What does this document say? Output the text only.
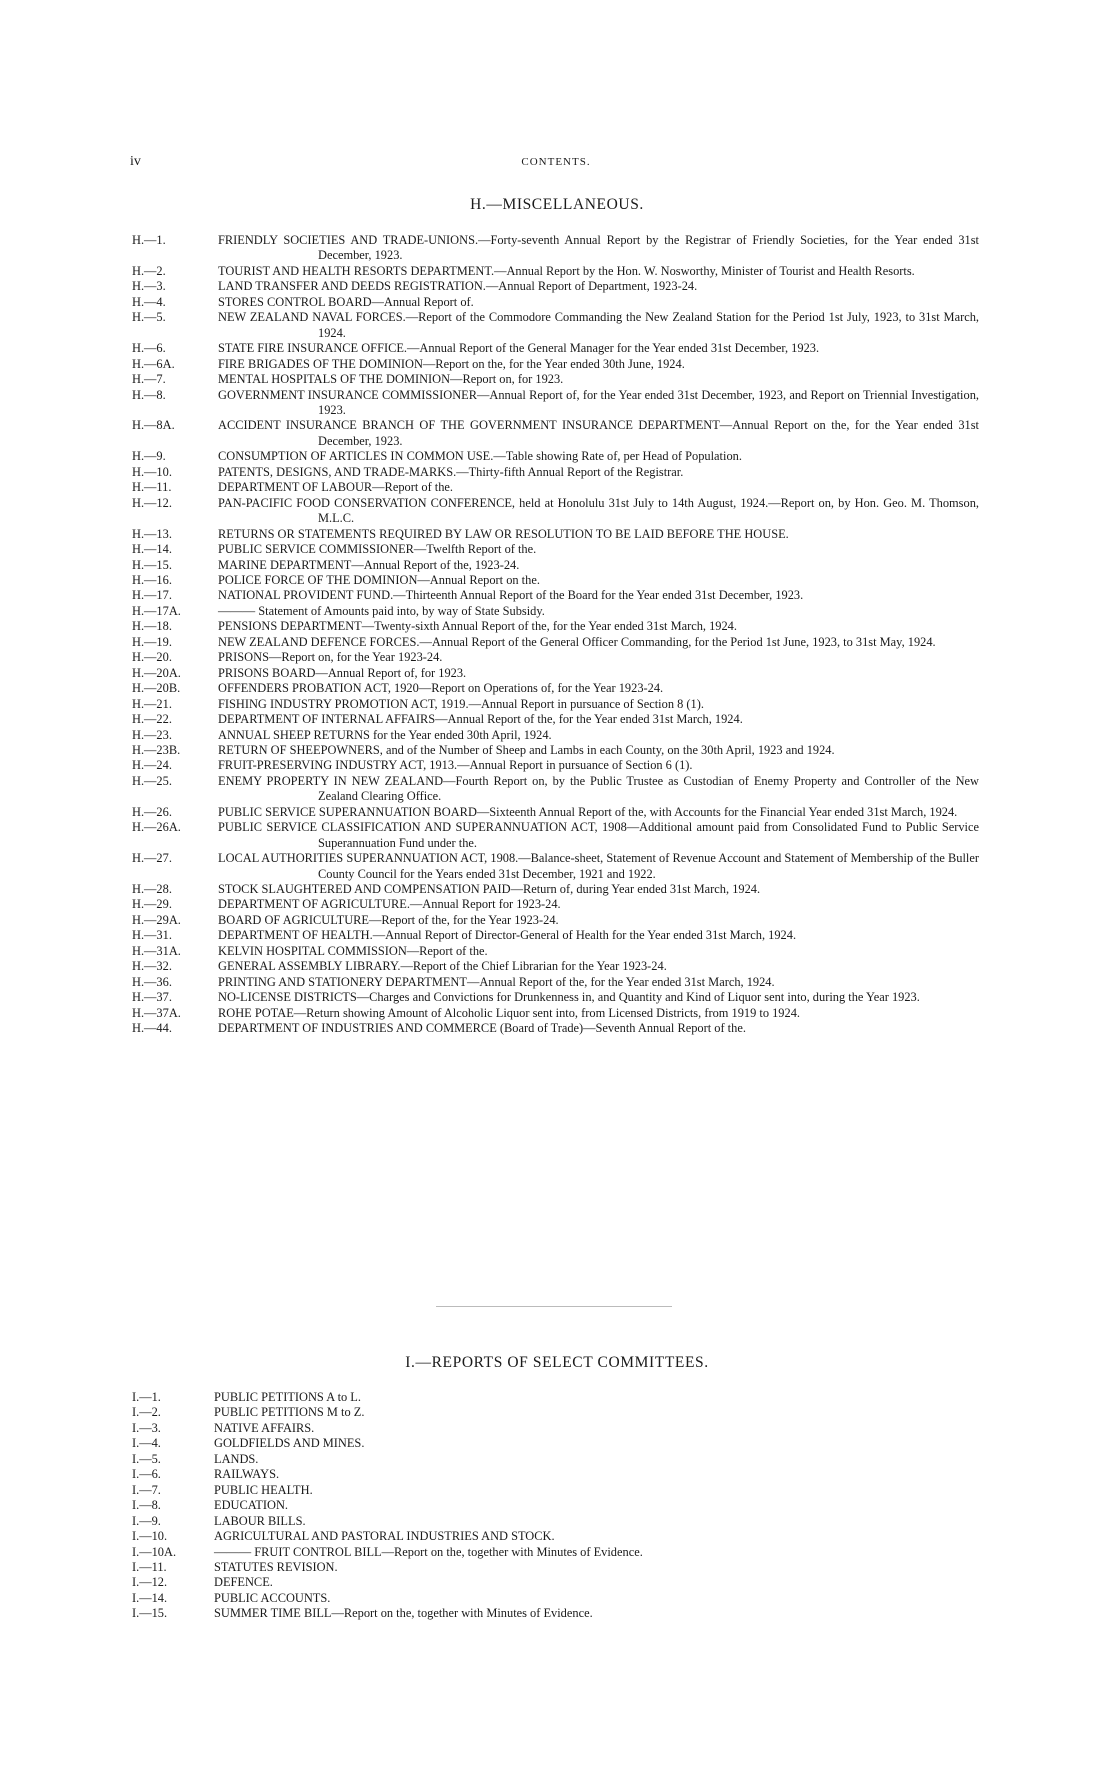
iv	CONTENTS.
H.—MISCELLANEOUS.
H.—1.	FRIENDLY SOCIETIES AND TRADE-UNIONS.—Forty-seventh Annual Report by the Registrar of Friendly Societies, for the Year ended 31st December, 1923.
H.—2.	TOURIST AND HEALTH RESORTS DEPARTMENT.—Annual Report by the Hon. W. Nosworthy, Minister of Tourist and Health Resorts.
H.—3.	LAND TRANSFER AND DEEDS REGISTRATION.—Annual Report of Department, 1923-24.
H.—4.	STORES CONTROL BOARD—Annual Report of.
H.—5.	NEW ZEALAND NAVAL FORCES.—Report of the Commodore Commanding the New Zealand Station for the Period 1st July, 1923, to 31st March, 1924.
H.—6.	STATE FIRE INSURANCE OFFICE.—Annual Report of the General Manager for the Year ended 31st December, 1923.
H.—6A.	FIRE BRIGADES OF THE DOMINION—Report on the, for the Year ended 30th June, 1924.
H.—7.	MENTAL HOSPITALS OF THE DOMINION—Report on, for 1923.
H.—8.	GOVERNMENT INSURANCE COMMISSIONER—Annual Report of, for the Year ended 31st December, 1923, and Report on Triennial Investigation, 1923.
H.—8A.	ACCIDENT INSURANCE BRANCH OF THE GOVERNMENT INSURANCE DEPARTMENT—Annual Report on the, for the Year ended 31st December, 1923.
H.—9.	CONSUMPTION OF ARTICLES IN COMMON USE.—Table showing Rate of, per Head of Population.
H.—10.	PATENTS, DESIGNS, AND TRADE-MARKS.—Thirty-fifth Annual Report of the Registrar.
H.—11.	DEPARTMENT OF LABOUR—Report of the.
H.—12.	PAN-PACIFIC FOOD CONSERVATION CONFERENCE, held at Honolulu 31st July to 14th August, 1924.—Report on, by Hon. Geo. M. Thomson, M.L.C.
H.—13.	RETURNS OR STATEMENTS REQUIRED BY LAW OR RESOLUTION TO BE LAID BEFORE THE HOUSE.
H.—14.	PUBLIC SERVICE COMMISSIONER—Twelfth Report of the.
H.—15.	MARINE DEPARTMENT—Annual Report of the, 1923-24.
H.—16.	POLICE FORCE OF THE DOMINION—Annual Report on the.
H.—17.	NATIONAL PROVIDENT FUND.—Thirteenth Annual Report of the Board for the Year ended 31st December, 1923.
H.—17A.	——— Statement of Amounts paid into, by way of State Subsidy.
H.—18.	PENSIONS DEPARTMENT—Twenty-sixth Annual Report of the, for the Year ended 31st March, 1924.
H.—19.	NEW ZEALAND DEFENCE FORCES.—Annual Report of the General Officer Commanding, for the Period 1st June, 1923, to 31st May, 1924.
H.—20.	PRISONS—Report on, for the Year 1923-24.
H.—20A.	PRISONS BOARD—Annual Report of, for 1923.
H.—20B.	OFFENDERS PROBATION ACT, 1920—Report on Operations of, for the Year 1923-24.
H.—21.	FISHING INDUSTRY PROMOTION ACT, 1919.—Annual Report in pursuance of Section 8 (1).
H.—22.	DEPARTMENT OF INTERNAL AFFAIRS—Annual Report of the, for the Year ended 31st March, 1924.
H.—23.	ANNUAL SHEEP RETURNS for the Year ended 30th April, 1924.
H.—23B.	RETURN OF SHEEPOWNERS, and of the Number of Sheep and Lambs in each County, on the 30th April, 1923 and 1924.
H.—24.	FRUIT-PRESERVING INDUSTRY ACT, 1913.—Annual Report in pursuance of Section 6 (1).
H.—25.	ENEMY PROPERTY IN NEW ZEALAND—Fourth Report on, by the Public Trustee as Custodian of Enemy Property and Controller of the New Zealand Clearing Office.
H.—26.	PUBLIC SERVICE SUPERANNUATION BOARD—Sixteenth Annual Report of the, with Accounts for the Financial Year ended 31st March, 1924.
H.—26A.	PUBLIC SERVICE CLASSIFICATION AND SUPERANNUATION ACT, 1908—Additional amount paid from Consolidated Fund to Public Service Superannuation Fund under the.
H.—27.	LOCAL AUTHORITIES SUPERANNUATION ACT, 1908.—Balance-sheet, Statement of Revenue Account and Statement of Membership of the Buller County Council for the Years ended 31st December, 1921 and 1922.
H.—28.	STOCK SLAUGHTERED AND COMPENSATION PAID—Return of, during Year ended 31st March, 1924.
H.—29.	DEPARTMENT OF AGRICULTURE.—Annual Report for 1923-24.
H.—29A.	BOARD OF AGRICULTURE—Report of the, for the Year 1923-24.
H.—31.	DEPARTMENT OF HEALTH.—Annual Report of Director-General of Health for the Year ended 31st March, 1924.
H.—31A.	KELVIN HOSPITAL COMMISSION—Report of the.
H.—32.	GENERAL ASSEMBLY LIBRARY.—Report of the Chief Librarian for the Year 1923-24.
H.—36.	PRINTING AND STATIONERY DEPARTMENT—Annual Report of the, for the Year ended 31st March, 1924.
H.—37.	NO-LICENSE DISTRICTS—Charges and Convictions for Drunkenness in, and Quantity and Kind of Liquor sent into, during the Year 1923.
H.—37A.	ROHE POTAE—Return showing Amount of Alcoholic Liquor sent into, from Licensed Districts, from 1919 to 1924.
H.—44.	DEPARTMENT OF INDUSTRIES AND COMMERCE (Board of Trade)—Seventh Annual Report of the.
I.—REPORTS OF SELECT COMMITTEES.
I.—1.	PUBLIC PETITIONS A to L.
I.—2.	PUBLIC PETITIONS M to Z.
I.—3.	NATIVE AFFAIRS.
I.—4.	GOLDFIELDS AND MINES.
I.—5.	LANDS.
I.—6.	RAILWAYS.
I.—7.	PUBLIC HEALTH.
I.—8.	EDUCATION.
I.—9.	LABOUR BILLS.
I.—10.	AGRICULTURAL AND PASTORAL INDUSTRIES AND STOCK.
I.—10A.	——— FRUIT CONTROL BILL—Report on the, together with Minutes of Evidence.
I.—11.	STATUTES REVISION.
I.—12.	DEFENCE.
I.—14.	PUBLIC ACCOUNTS.
I.—15.	SUMMER TIME BILL—Report on the, together with Minutes of Evidence.
